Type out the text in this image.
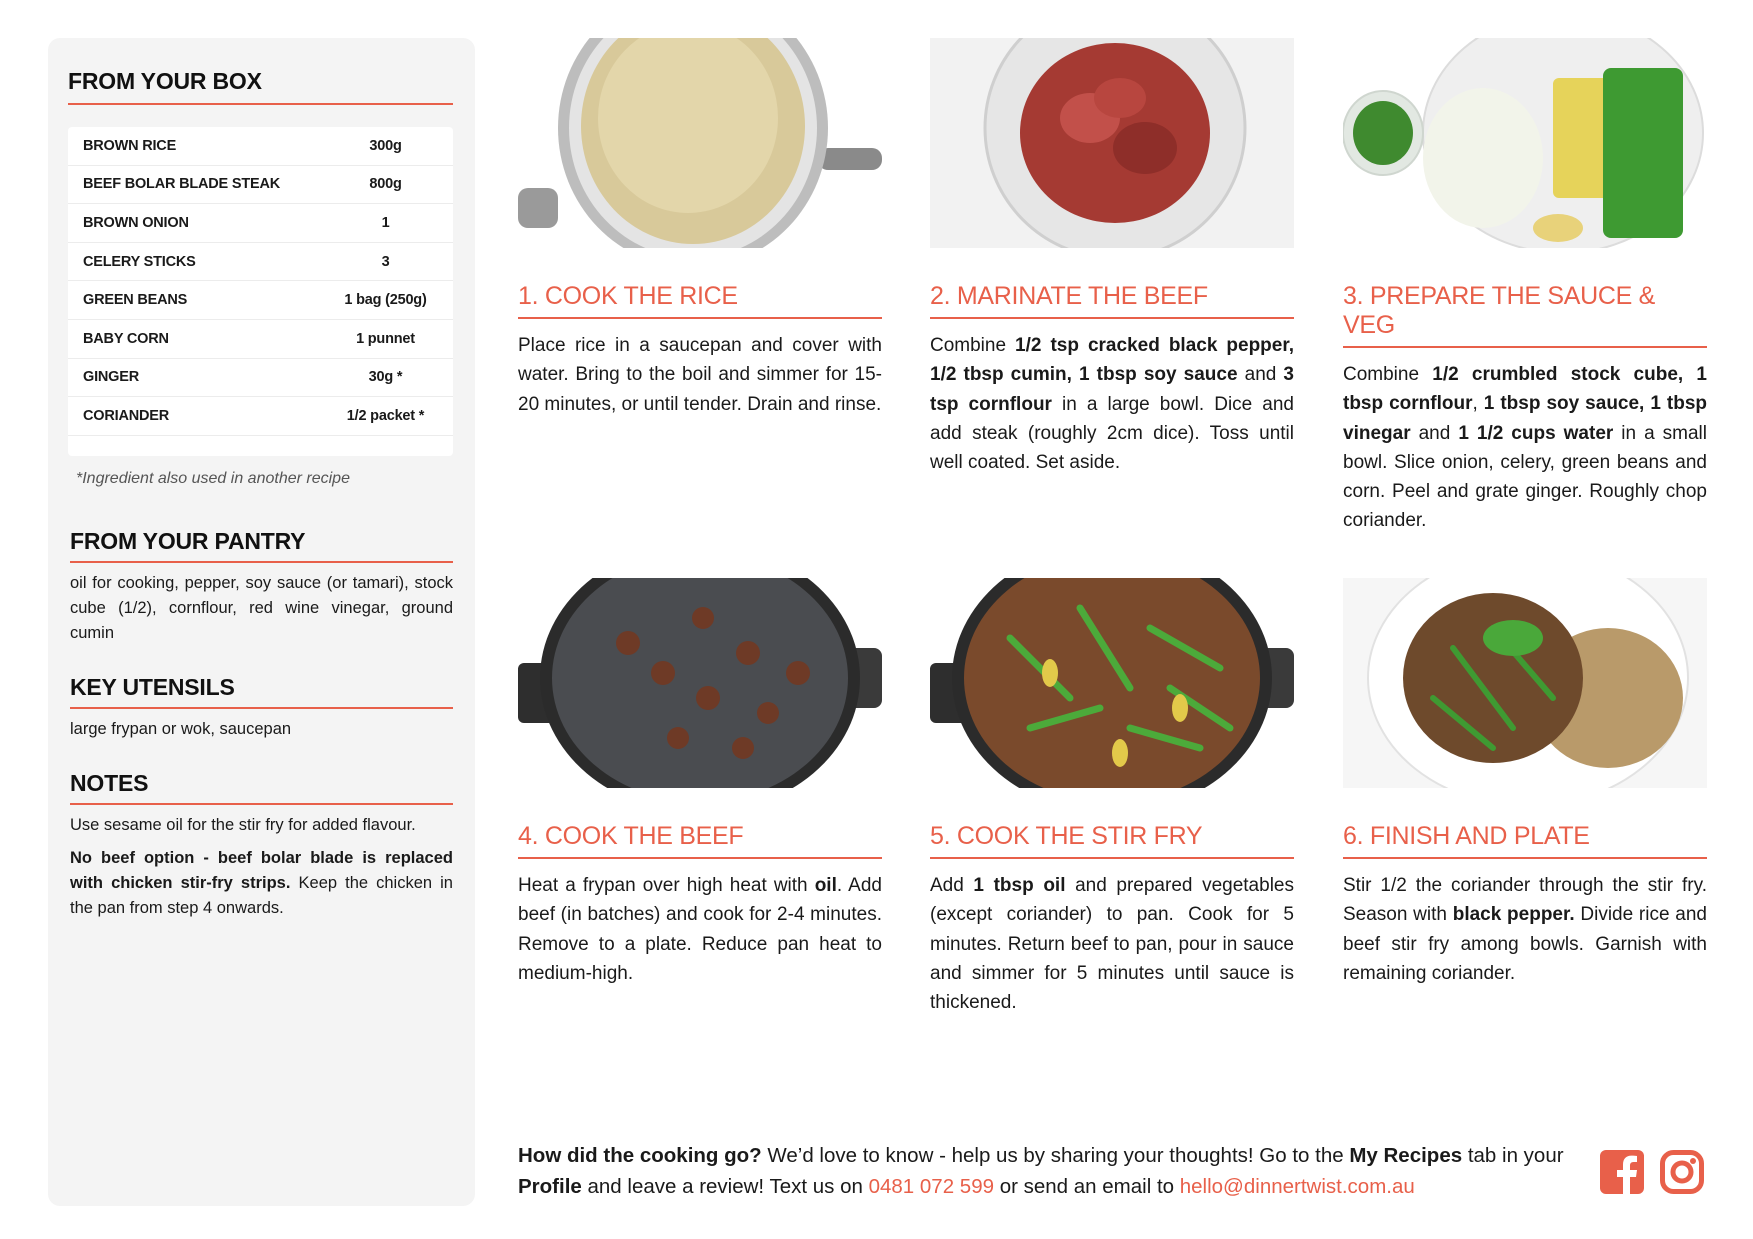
FROM YOUR BOX
BROWN RICE	300g
BEEF BOLAR BLADE STEAK	800g
BROWN ONION	1
CELERY STICKS	3
GREEN BEANS	1 bag (250g)
BABY CORN	1 punnet
GINGER	30g *
CORIANDER	1/2 packet *
*Ingredient also used in another recipe
FROM YOUR PANTRY
oil for cooking, pepper, soy sauce (or tamari), stock cube (1/2), cornflour, red wine vinegar, ground cumin
KEY UTENSILS
large frypan or wok, saucepan
NOTES
Use sesame oil for the stir fry for added flavour.
No beef option - beef bolar blade is replaced with chicken stir-fry strips. Keep the chicken in the pan from step 4 onwards.
1. COOK THE RICE
Place rice in a saucepan and cover with water. Bring to the boil and simmer for 15-20 minutes, or until tender. Drain and rinse.
2. MARINATE THE BEEF
Combine 1/2 tsp cracked black pepper, 1/2 tbsp cumin, 1 tbsp soy sauce and 3 tsp cornflour in a large bowl. Dice and add steak (roughly 2cm dice). Toss until well coated. Set aside.
3. PREPARE THE SAUCE & VEG
Combine 1/2 crumbled stock cube, 1 tbsp cornflour, 1 tbsp soy sauce, 1 tbsp vinegar and 1 1/2 cups water in a small bowl. Slice onion, celery, green beans and corn. Peel and grate ginger. Roughly chop coriander.
4. COOK THE BEEF
Heat a frypan over high heat with oil. Add beef (in batches) and cook for 2-4 minutes. Remove to a plate. Reduce pan heat to medium-high.
5. COOK THE STIR FRY
Add 1 tbsp oil and prepared vegetables (except coriander) to pan. Cook for 5 minutes. Return beef to pan, pour in sauce and simmer for 5 minutes until sauce is thickened.
6. FINISH AND PLATE
Stir 1/2 the coriander through the stir fry. Season with black pepper. Divide rice and beef stir fry among bowls. Garnish with remaining coriander.
How did the cooking go? We’d love to know - help us by sharing your thoughts! Go to the My Recipes tab in your Profile and leave a review! Text us on 0481 072 599 or send an email to hello@dinnertwist.com.au
